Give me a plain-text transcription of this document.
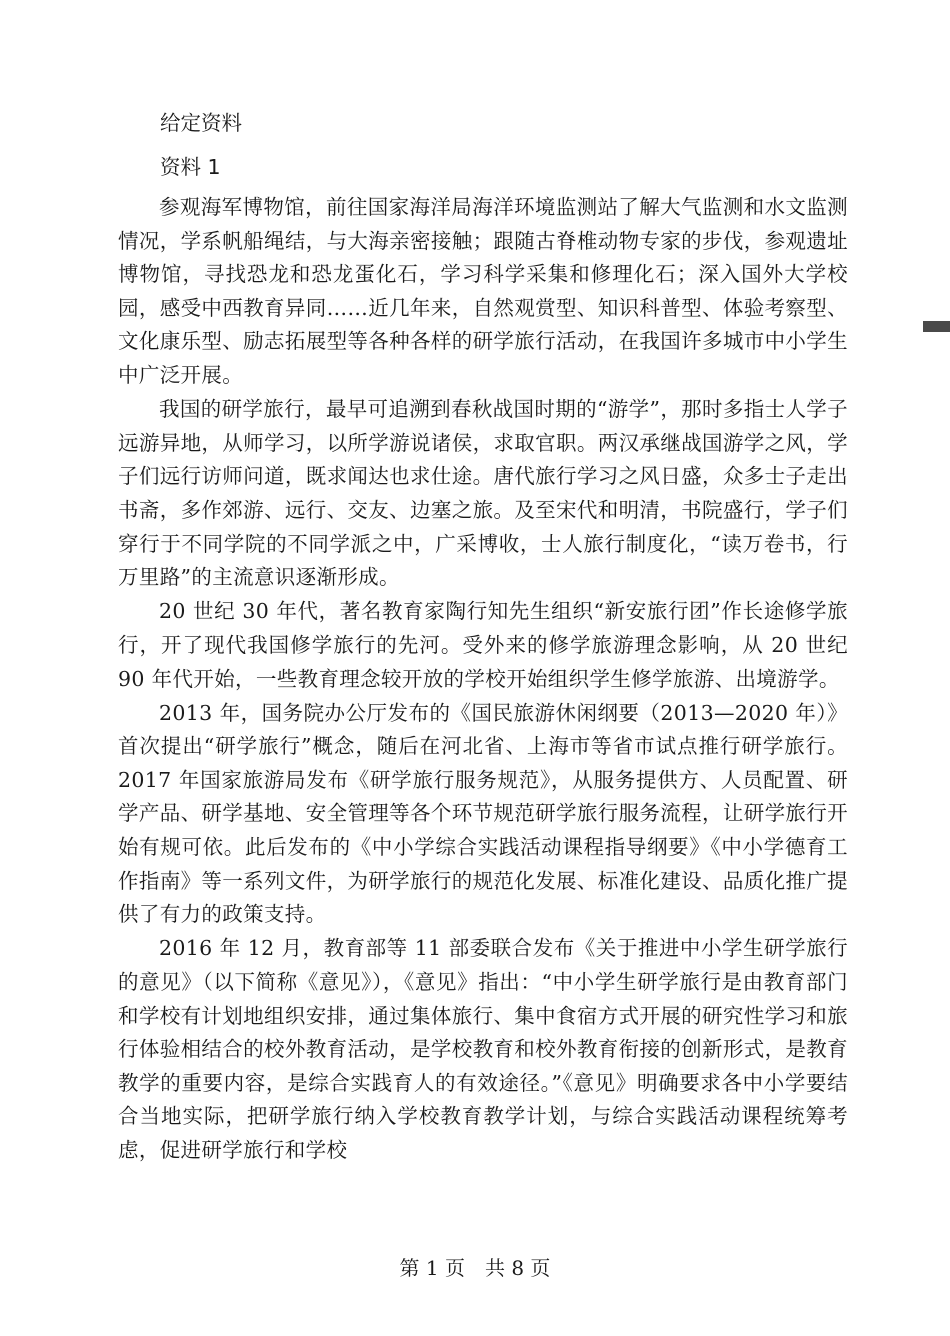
给定资料
资料 1

参观海军博物馆，前往国家海洋局海洋环境监测站了解大气监测和水文监测情况，学系帆船绳结，与大海亲密接触；跟随古脊椎动物专家的步伐，参观遗址博物馆，寻找恐龙和恐龙蛋化石，学习科学采集和修理化石；深入国外大学校园，感受中西教育异同……近几年来，自然观赏型、知识科普型、体验考察型、文化康乐型、励志拓展型等各种各样的研学旅行活动，在我国许多城市中小学生中广泛开展。

我国的研学旅行，最早可追溯到春秋战国时期的“游学”，那时多指士人学子远游异地，从师学习，以所学游说诸侯，求取官职。两汉承继战国游学之风，学子们远行访师问道，既求闻达也求仕途。唐代旅行学习之风日盛，众多士子走出书斋，多作郊游、远行、交友、边塞之旅。及至宋代和明清，书院盛行，学子们穿行于不同学院的不同学派之中，广采博收，士人旅行制度化，“读万卷书，行万里路”的主流意识逐渐形成。

20 世纪 30 年代，著名教育家陶行知先生组织“新安旅行团”作长途修学旅行，开了现代我国修学旅行的先河。受外来的修学旅游理念影响，从 20 世纪 90 年代开始，一些教育理念较开放的学校开始组织学生修学旅游、出境游学。

2013 年，国务院办公厅发布的《国民旅游休闲纲要（2013—2020 年）》首次提出“研学旅行”概念，随后在河北省、上海市等省市试点推行研学旅行。2017 年国家旅游局发布《研学旅行服务规范》，从服务提供方、人员配置、研学产品、研学基地、安全管理等各个环节规范研学旅行服务流程，让研学旅行开始有规可依。此后发布的《中小学综合实践活动课程指导纲要》《中小学德育工作指南》等一系列文件，为研学旅行的规范化发展、标准化建设、品质化推广提供了有力的政策支持。

2016 年 12 月，教育部等 11 部委联合发布《关于推进中小学生研学旅行的意见》（以下简称《意见》），《意见》指出：“中小学生研学旅行是由教育部门和学校有计划地组织安排，通过集体旅行、集中食宿方式开展的研究性学习和旅行体验相结合的校外教育活动，是学校教育和校外教育衔接的创新形式，是教育教学的重要内容，是综合实践育人的有效途径。”《意见》明确要求各中小学要结合当地实际，把研学旅行纳入学校教育教学计划，与综合实践活动课程统筹考虑，促进研学旅行和学校

第 1 页　共 8 页
